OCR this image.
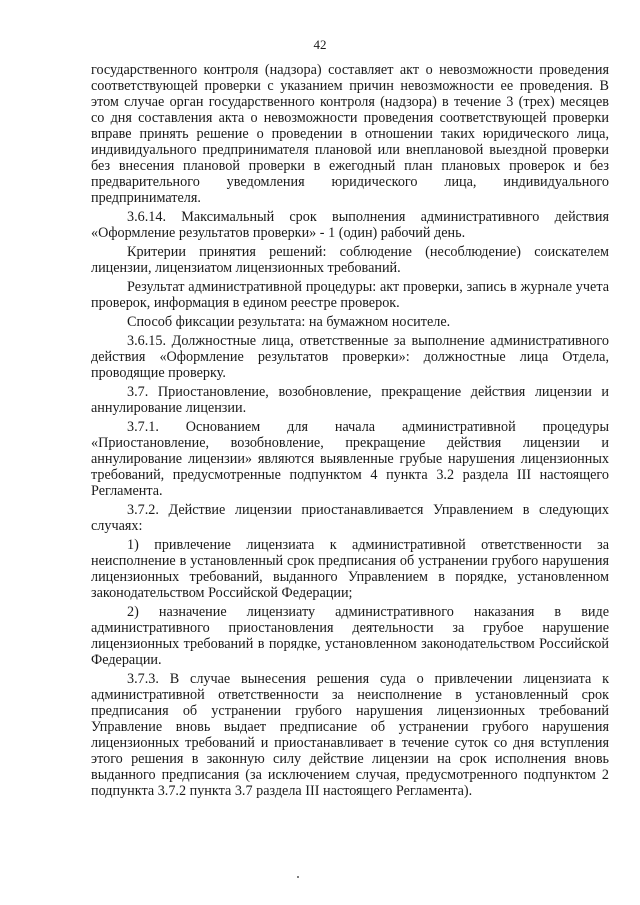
42

государственного контроля (надзора) составляет акт о невозможности проведения соответствующей проверки с указанием причин невозможности ее проведения. В этом случае орган государственного контроля (надзора) в течение 3 (трех) месяцев со дня составления акта о невозможности проведения соответствующей проверки вправе принять решение о проведении в отношении таких юридического лица, индивидуального предпринимателя плановой или внеплановой выездной проверки без внесения плановой проверки в ежегодный план плановых проверок и без предварительного уведомления юридического лица, индивидуального предпринимателя.

3.6.14. Максимальный срок выполнения административного действия «Оформление результатов проверки» - 1 (один) рабочий день.

Критерии принятия решений: соблюдение (несоблюдение) соискателем лицензии, лицензиатом лицензионных требований.

Результат административной процедуры: акт проверки, запись в журнале учета проверок, информация в едином реестре проверок.

Способ фиксации результата: на бумажном носителе.

3.6.15. Должностные лица, ответственные за выполнение административного действия «Оформление результатов проверки»: должностные лица Отдела, проводящие проверку.

3.7. Приостановление, возобновление, прекращение действия лицензии и аннулирование лицензии.

3.7.1. Основанием для начала административной процедуры «Приостановление, возобновление, прекращение действия лицензии и аннулирование лицензии» являются выявленные грубые нарушения лицензионных требований, предусмотренные подпунктом 4 пункта 3.2 раздела III настоящего Регламента.

3.7.2. Действие лицензии приостанавливается Управлением в следующих случаях:

1) привлечение лицензиата к административной ответственности за неисполнение в установленный срок предписания об устранении грубого нарушения лицензионных требований, выданного Управлением в порядке, установленном законодательством Российской Федерации;

2) назначение лицензиату административного наказания в виде административного приостановления деятельности за грубое нарушение лицензионных требований в порядке, установленном законодательством Российской Федерации.

3.7.3. В случае вынесения решения суда о привлечении лицензиата к административной ответственности за неисполнение в установленный срок предписания об устранении грубого нарушения лицензионных требований Управление вновь выдает предписание об устранении грубого нарушения лицензионных требований и приостанавливает в течение суток со дня вступления этого решения в законную силу действие лицензии на срок исполнения вновь выданного предписания (за исключением случая, предусмотренного подпунктом 2 подпункта 3.7.2 пункта 3.7 раздела III настоящего Регламента).
